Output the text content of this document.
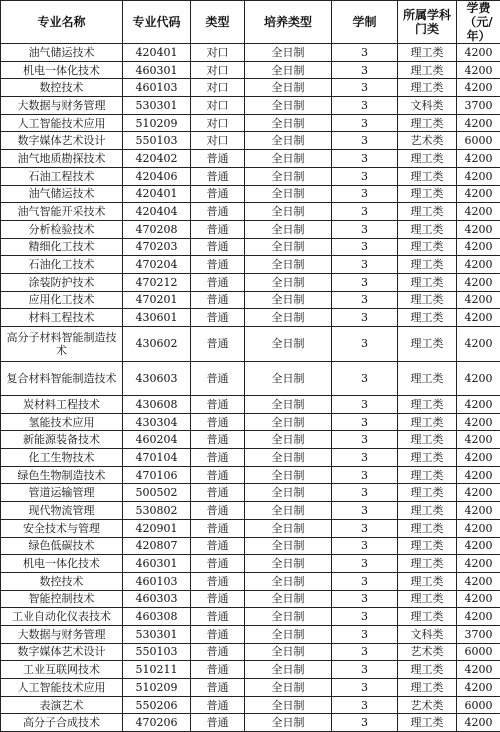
专业名称	专业代码	类型	培养类型	学制	所属学科门类	学费（元/年）
油气储运技术	420401	对口	全日制	3	理工类	4200
机电一体化技术	460301	对口	全日制	3	理工类	4200
数控技术	460103	对口	全日制	3	理工类	4200
大数据与财务管理	530301	对口	全日制	3	文科类	3700
人工智能技术应用	510209	对口	全日制	3	理工类	4200
数字媒体艺术设计	550103	对口	全日制	3	艺术类	6000
油气地质勘探技术	420402	普通	全日制	3	理工类	4200
石油工程技术	420406	普通	全日制	3	理工类	4200
油气储运技术	420401	普通	全日制	3	理工类	4200
油气智能开采技术	420404	普通	全日制	3	理工类	4200
分析检验技术	470208	普通	全日制	3	理工类	4200
精细化工技术	470203	普通	全日制	3	理工类	4200
石油化工技术	470204	普通	全日制	3	理工类	4200
涂装防护技术	470212	普通	全日制	3	理工类	4200
应用化工技术	470201	普通	全日制	3	理工类	4200
材料工程技术	430601	普通	全日制	3	理工类	4200
高分子材料智能制造技术	430602	普通	全日制	3	理工类	4200
复合材料智能制造技术	430603	普通	全日制	3	理工类	4200
炭材料工程技术	430608	普通	全日制	3	理工类	4200
氢能技术应用	430304	普通	全日制	3	理工类	4200
新能源装备技术	460204	普通	全日制	3	理工类	4200
化工生物技术	470104	普通	全日制	3	理工类	4200
绿色生物制造技术	470106	普通	全日制	3	理工类	4200
管道运输管理	500502	普通	全日制	3	理工类	4200
现代物流管理	530802	普通	全日制	3	理工类	4200
安全技术与管理	420901	普通	全日制	3	理工类	4200
绿色低碳技术	420807	普通	全日制	3	理工类	4200
机电一体化技术	460301	普通	全日制	3	理工类	4200
数控技术	460103	普通	全日制	3	理工类	4200
智能控制技术	460303	普通	全日制	3	理工类	4200
工业自动化仪表技术	460308	普通	全日制	3	理工类	4200
大数据与财务管理	530301	普通	全日制	3	文科类	3700
数字媒体艺术设计	550103	普通	全日制	3	艺术类	6000
工业互联网技术	510211	普通	全日制	3	理工类	4200
人工智能技术应用	510209	普通	全日制	3	理工类	4200
表演艺术	550206	普通	全日制	3	艺术类	6000
高分子合成技术	470206	普通	全日制	3	理工类	4200
